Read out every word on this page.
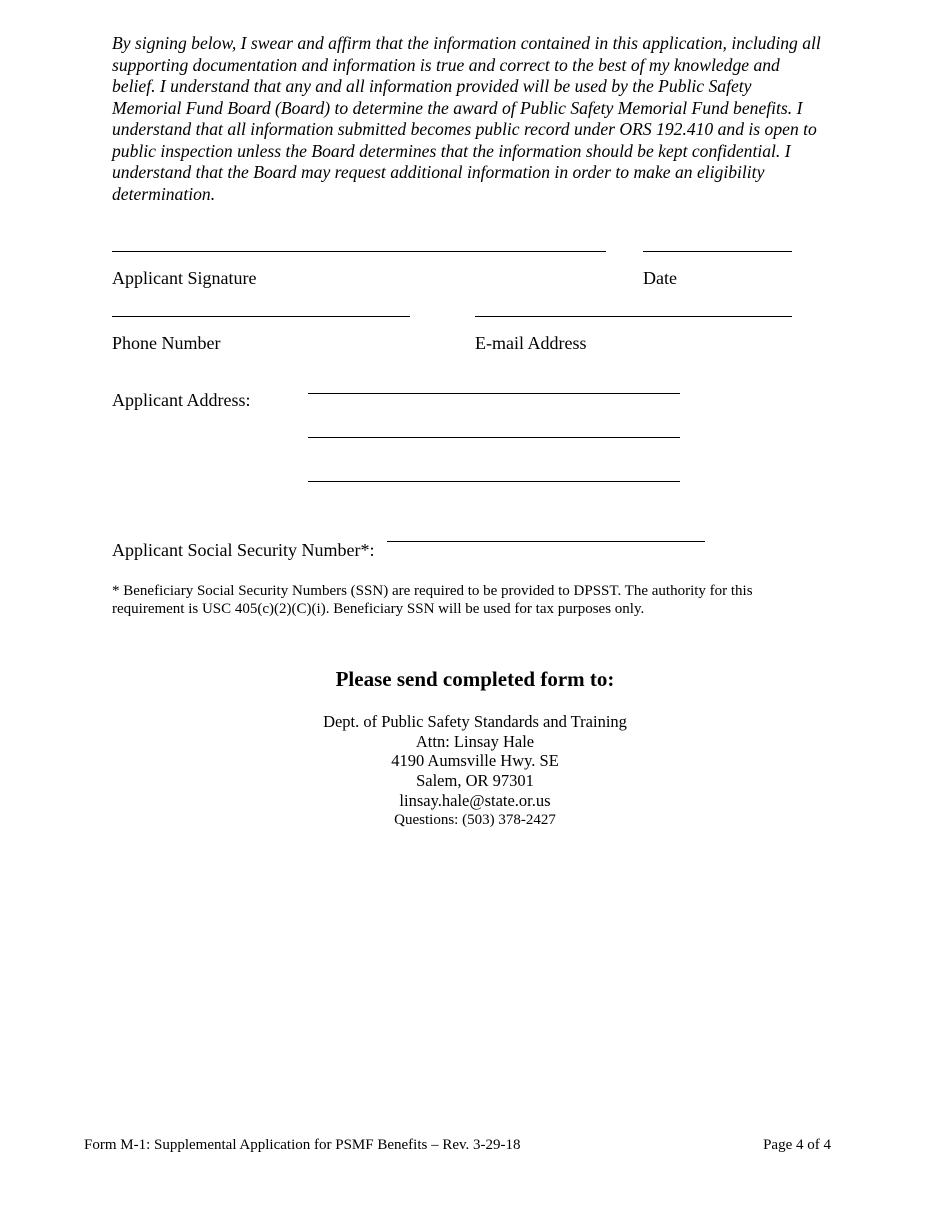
By signing below, I swear and affirm that the information contained in this application, including all supporting documentation and information is true and correct to the best of my knowledge and belief. I understand that any and all information provided will be used by the Public Safety Memorial Fund Board (Board) to determine the award of Public Safety Memorial Fund benefits. I understand that all information submitted becomes public record under ORS 192.410 and is open to public inspection unless the Board determines that the information should be kept confidential. I understand that the Board may request additional information in order to make an eligibility determination.
Applicant Signature	Date
Phone Number	E-mail Address
Applicant Address:
Applicant Social Security Number*:
* Beneficiary Social Security Numbers (SSN) are required to be provided to DPSST. The authority for this requirement is USC 405(c)(2)(C)(i). Beneficiary SSN will be used for tax purposes only.
Please send completed form to:
Dept. of Public Safety Standards and Training
Attn: Linsay Hale
4190 Aumsville Hwy. SE
Salem, OR 97301
linsay.hale@state.or.us
Questions: (503) 378-2427
Form M-1: Supplemental Application for PSMF Benefits – Rev. 3-29-18	Page 4 of 4
